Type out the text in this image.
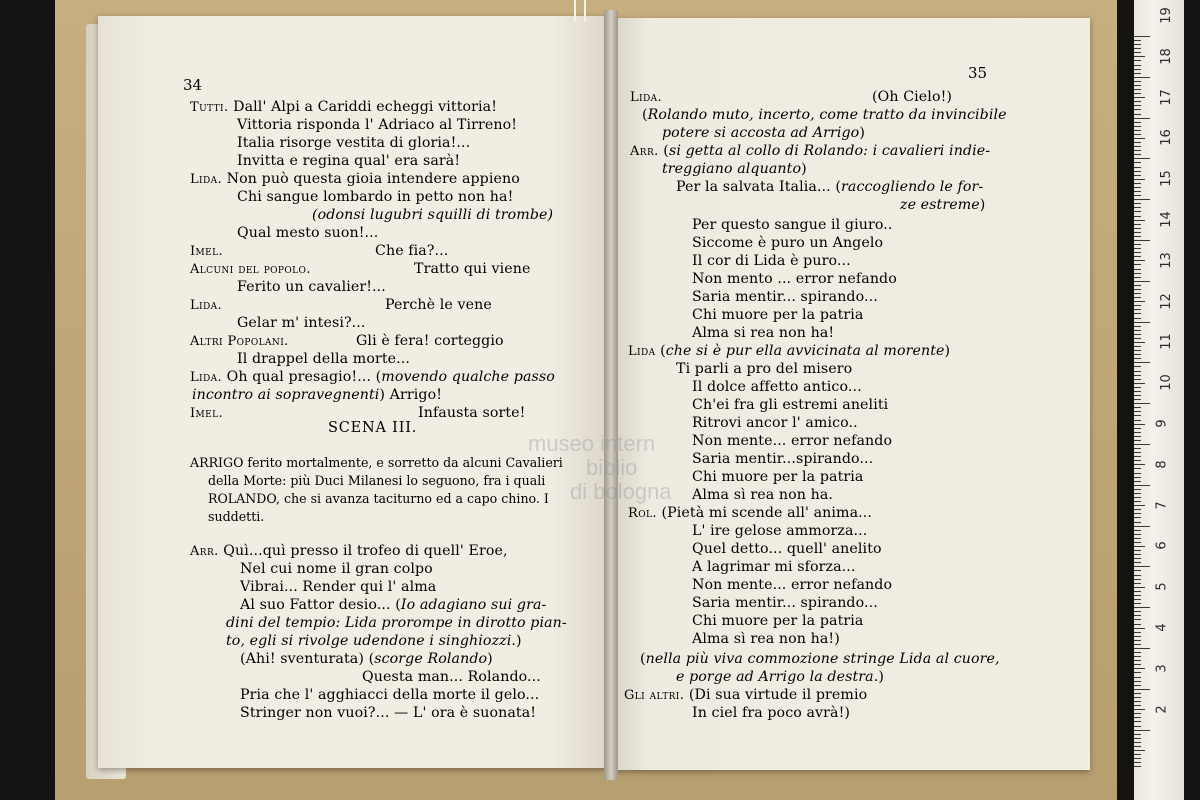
34
35
Tutti. Dall' Alpi a Cariddi echeggi vittoria!
Vittoria risponda l' Adriaco al Tirreno!
Italia risorge vestita di gloria!...
Invitta e regina qual' era sarà!
Lida. Non può questa gioia intendere appieno
Chi sangue lombardo in petto non ha!
(odonsi lugubri squilli di trombe)
Qual mesto suon!...
Imel.	Che fia?...
Alcuni del popolo.	Tratto qui viene
Ferito un cavalier!...
Lida.	Perchè le vene
Gelar m' intesi?...
Altri Popolani.	Gli è fera! corteggio
Il drappel della morte...
Lida. Oh qual presagio!... (movendo qualche passo
incontro ai sopravegnenti) Arrigo!
Imel.	Infausta sorte!
SCENA III.
ARRIGO ferito mortalmente, e sorretto da alcuni Cavalieri
della Morte: più Duci Milanesi lo seguono, fra i quali
ROLANDO, che si avanza taciturno ed a capo chino. I
suddetti.
Arr. Quì...quì presso il trofeo di quell' Eroe,
Nel cui nome il gran colpo
Vibrai... Render qui l' alma
Al suo Fattor desio... (Io adagiano sui gra-
dini del tempio: Lida prorompe in dirotto pian-
to, egli si rivolge udendone i singhiozzi.)
(Ahi! sventurata) (scorge Rolando)
Questa man... Rolando...
Pria che l' agghiacci della morte il gelo...
Stringer non vuoi?... — L' ora è suonata!
Lida.	(Oh Cielo!)
(Rolando muto, incerto, come tratto da invincibile
potere si accosta ad Arrigo)
Arr. (si getta al collo di Rolando: i cavalieri indie-
treggiano alquanto)
Per la salvata Italia... (raccogliendo le for-
ze estreme)
Per questo sangue il giuro..
Siccome è puro un Angelo
Il cor di Lida è puro...
Non mento ... error nefando
Saria mentir... spirando...
Chi muore per la patria
Alma si rea non ha!
Lida (che si è pur ella avvicinata al morente)
Ti parli a pro del misero
Il dolce affetto antico...
Ch'ei fra gli estremi aneliti
Ritrovi ancor l' amico..
Non mente... error nefando
Saria mentir...spirando...
Chi muore per la patria
Alma sì rea non ha.
Rol. (Pietà mi scende all' anima...
L' ire gelose ammorza...
Quel detto... quell' anelito
A lagrimar mi sforza...
Non mente... error nefando
Saria mentir... spirando...
Chi muore per la patria
Alma sì rea non ha!)
(nella più viva commozione stringe Lida al cuore,
e porge ad Arrigo la destra.)
Gli altri. (Di sua virtude il premio
In ciel fra poco avrà!)
museo intern
biblio
di bologna
19
18
17
16
15
14
13
12
11
10
9
8
7
6
5
4
3
2
